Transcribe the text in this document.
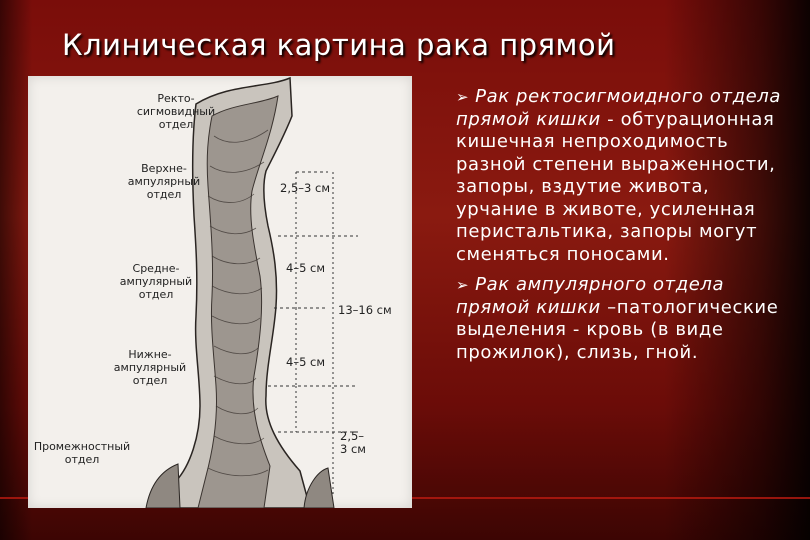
Клиническая картина рака прямой
Ректо-
сигмовидный
отдел
Верхне-
ампулярный
отдел
Средне-
ампулярный
отдел
Нижне-
ампулярный
отдел
Промежностный
отдел
2,5–3 см
4–5 см
13–16 см
4–5 см
2,5–
3 см

➢ Рак ректосигмоидного отдела прямой кишки - обтурационная кишечная непроходимость разной степени выраженности, запоры, вздутие живота, урчание в животе, усиленная перистальтика, запоры могут сменяться поносами.

➢ Рак ампулярного отдела прямой кишки –патологические выделения - кровь (в виде прожилок), слизь, гной.
